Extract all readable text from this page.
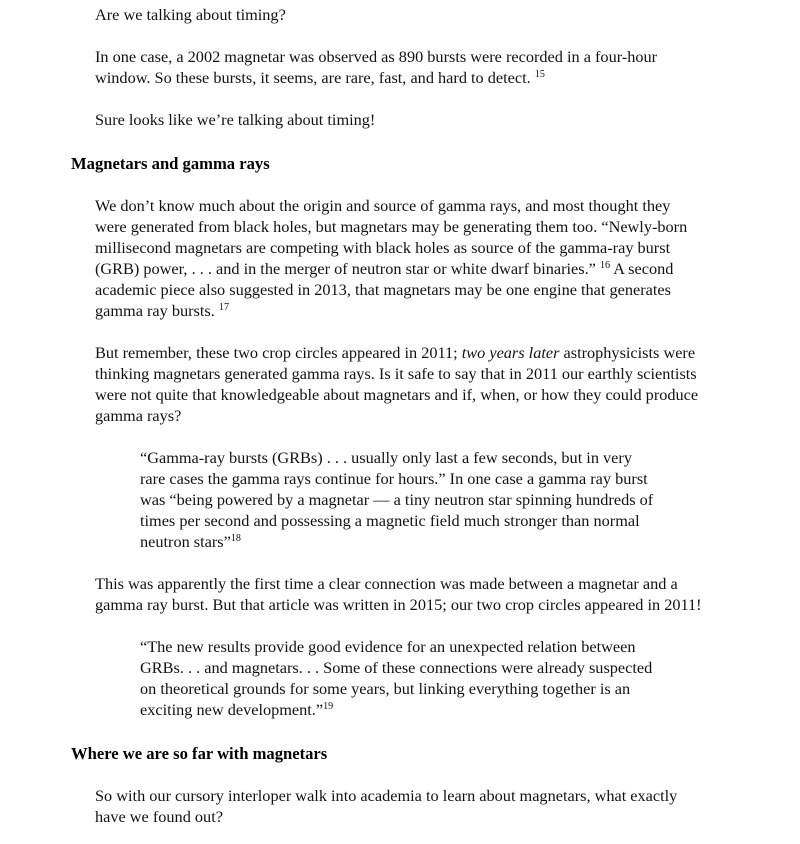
Are we talking about timing?

In one case, a 2002 magnetar was observed as 890 bursts were recorded in a four-hour window. So these bursts, it seems, are rare, fast, and hard to detect. $^{15}$

Sure looks like we’re talking about timing!

Magnetars and gamma rays

We don’t know much about the origin and source of gamma rays, and most thought they were generated from black holes, but magnetars may be generating them too. “Newly-born millisecond magnetars are competing with black holes as source of the gamma-ray burst (GRB) power, . . . and in the merger of neutron star or white dwarf binaries.” $^{16}$ A second academic piece also suggested in 2013, that magnetars may be one engine that generates gamma ray bursts. $^{17}$

But remember, these two crop circles appeared in 2011; two years later astrophysicists were thinking magnetars generated gamma rays. Is it safe to say that in 2011 our earthly scientists were not quite that knowledgeable about magnetars and if, when, or how they could produce gamma rays?

“Gamma-ray bursts (GRBs) . . . usually only last a few seconds, but in very rare cases the gamma rays continue for hours.” In one case a gamma ray burst was “being powered by a magnetar — a tiny neutron star spinning hundreds of times per second and possessing a magnetic field much stronger than normal neutron stars”$^{18}$

This was apparently the first time a clear connection was made between a magnetar and a gamma ray burst. But that article was written in 2015; our two crop circles appeared in 2011!

“The new results provide good evidence for an unexpected relation between GRBs. . . and magnetars. . . Some of these connections were already suspected on theoretical grounds for some years, but linking everything together is an exciting new development.”$^{19}$
Where we are so far with magnetars

So with our cursory interloper walk into academia to learn about magnetars, what exactly have we found out?
